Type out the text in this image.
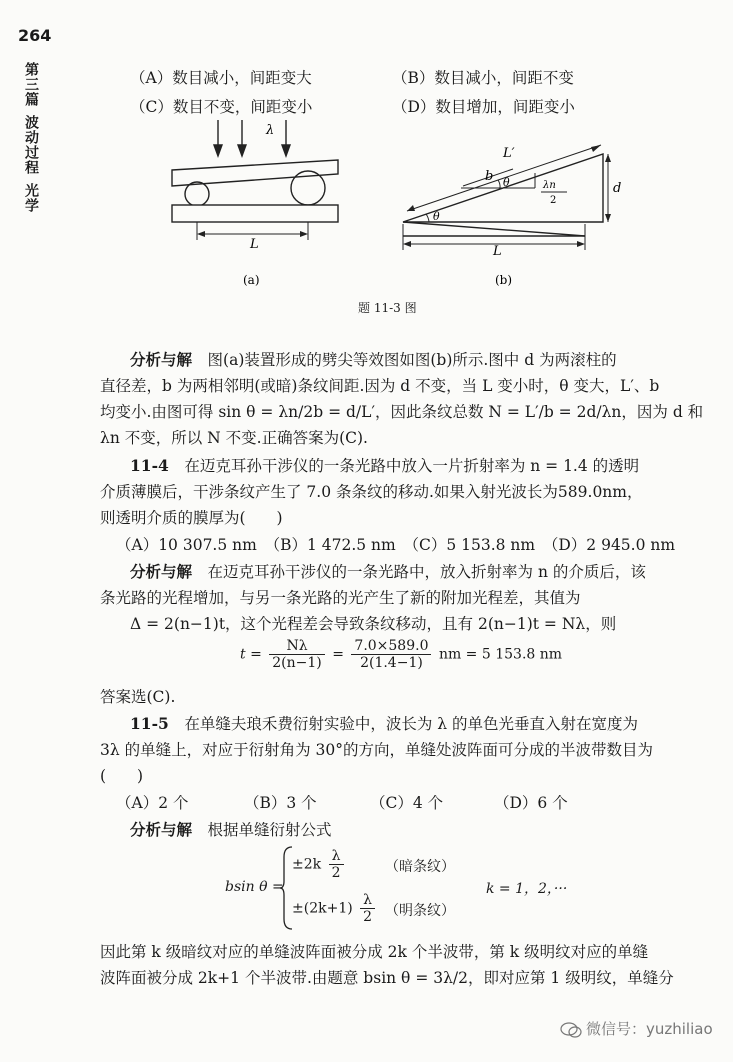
264
第三篇
波动过程
光学
（A）数目减小，间距变大	（B）数目减小，间距不变
（C）数目不变，间距变小	（D）数目增加，间距变小
λ
L
(a)
L′
b θ
θ
λn
2
d
L
(b)
题 11-3 图
分析与解　 图(a)装置形成的劈尖等效图如图(b)所示.图中 d 为两滚柱的
直径差，b 为两相邻明(或暗)条纹间距.因为 d 不变，当 L 变小时，θ 变大，L′、b
均变小.由图可得 sin θ = λn/2b = d/L′，因此条纹总数 N = L′/b = 2d/λn，因为 d 和
λn 不变，所以 N 不变.正确答案为(C).
11-4　 在迈克耳孙干涉仪的一条光路中放入一片折射率为 n = 1.4 的透明
介质薄膜后，干涉条纹产生了 7.0 条条纹的移动.如果入射光波长为589.0nm，
则透明介质的膜厚为(　　)
（A）10 307.5 nm　（B）1 472.5 nm　（C）5 153.8 nm　（D）2 945.0 nm
分析与解　 在迈克耳孙干涉仪的一条光路中，放入折射率为 n 的介质后，该
条光路的光程增加，与另一条光路的光产生了新的附加光程差，其值为
Δ = 2(n−1)t，这个光程差会导致条纹移动，且有 2(n−1)t = Nλ，则
$t = \frac{N\lambda}{2(n-1)} = \frac{7.0\times 589.0}{2(1.4-1)}$ nm = 5 153.8 nm
答案选(C).
11-5　 在单缝夫琅禾费衍射实验中，波长为 λ 的单色光垂直入射在宽度为
3λ 的单缝上，对应于衍射角为 30°的方向，单缝处波阵面可分成的半波带数目为
(　　)
（A）2 个	（B）3 个	（C）4 个	（D）6 个
分析与解　 根据单缝衍射公式
bsin θ =
$\pm 2k \frac{\lambda}{2}$	（暗条纹）
$\pm(2k+1) \frac{\lambda}{2}$ （明条纹）
k = 1，2，···
因此第 k 级暗纹对应的单缝波阵面被分成 2k 个半波带，第 k 级明纹对应的单缝
波阵面被分成 2k+1 个半波带.由题意 bsin θ = 3λ/2，即对应第 1 级明纹，单缝分
微信号：yuzhiliao
